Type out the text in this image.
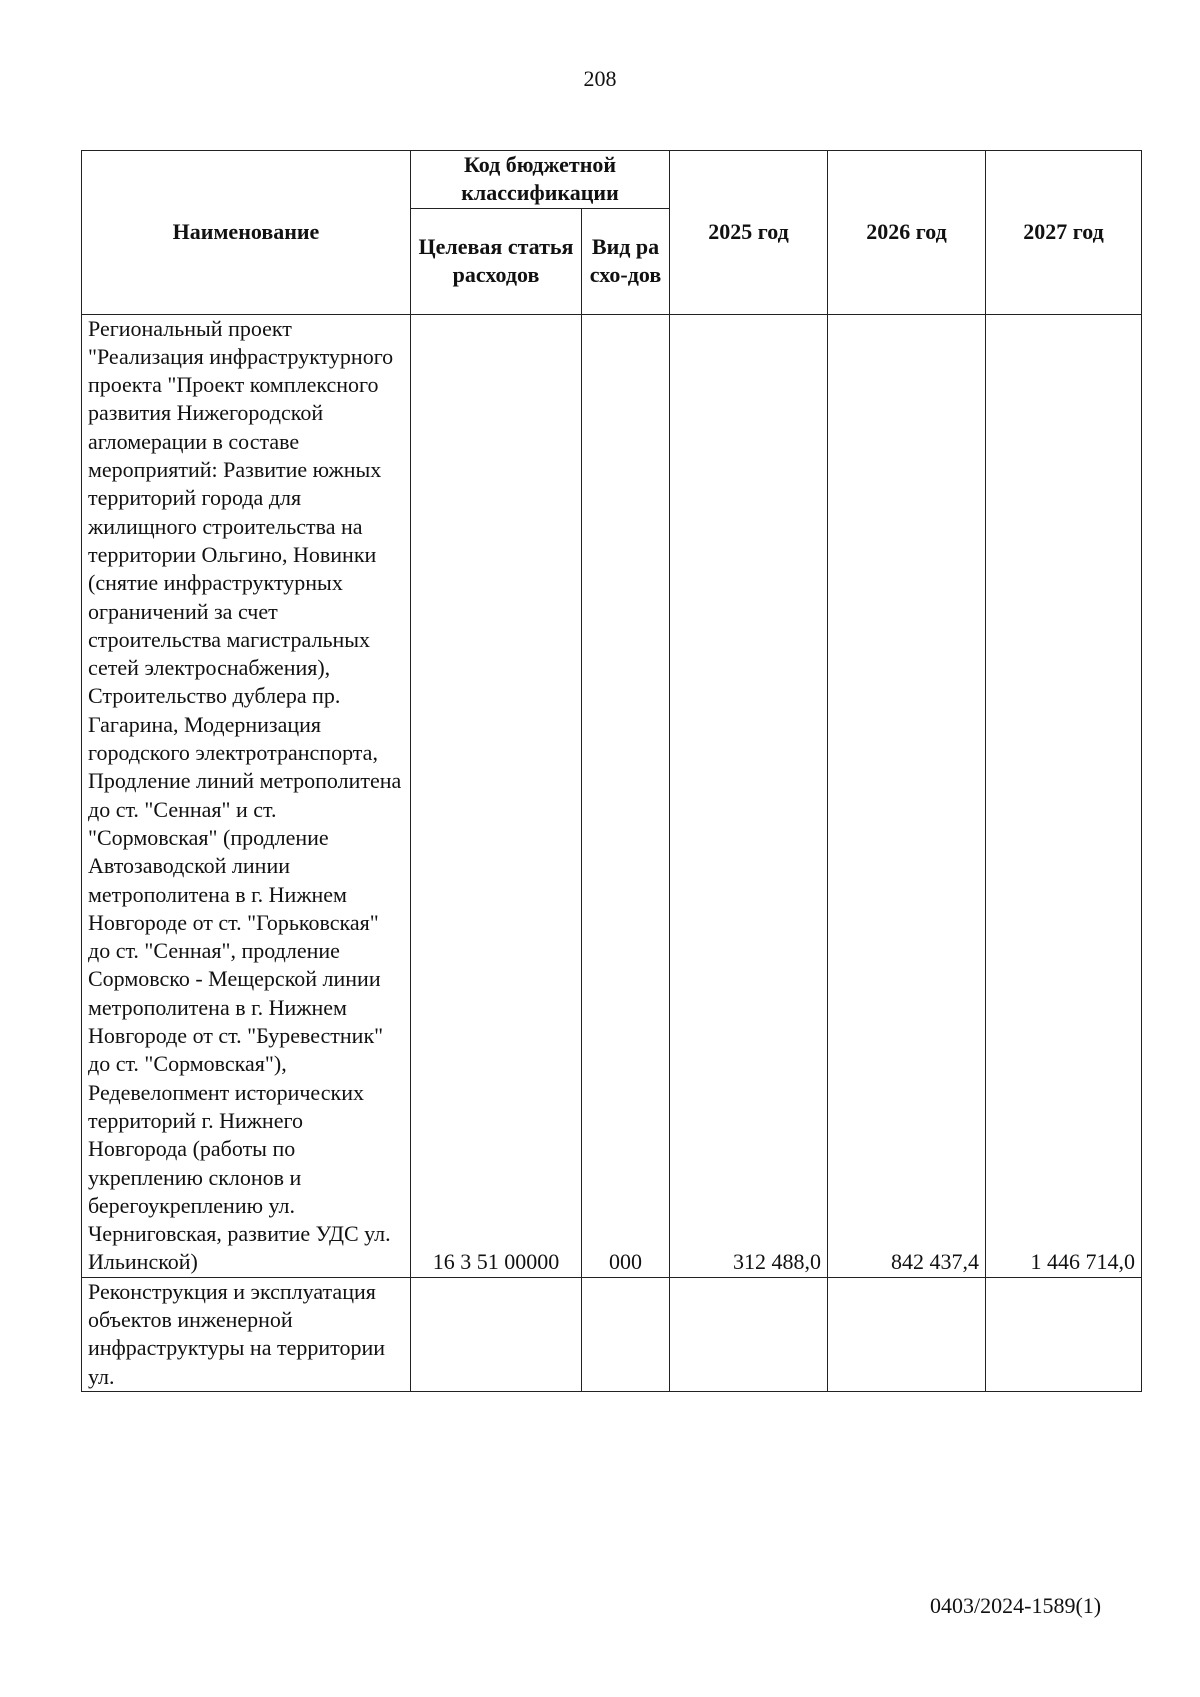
208
Наименование	Код бюджетной классификации		2025 год	2026 год	2027 год
	Целевая статья расходов	Вид расхо-дов			
Региональный проект "Реализация инфраструктурного проекта "Проект комплексного развития Нижегородской агломерации в составе мероприятий: Развитие южных территорий города для жилищного строительства на территории Ольгино, Новинки (снятие инфраструктурных ограничений за счет строительства магистральных сетей электроснабжения), Строительство дублера пр. Гагарина, Модернизация городского электротранспорта, Продление линий метрополитена до ст. "Сенная" и ст. "Сормовская" (продление Автозаводской линии метрополитена в г. Нижнем Новгороде от ст. "Горьковская" до ст. "Сенная", продление Сормовско - Мещерской линии метрополитена в г. Нижнем Новгороде от ст. "Буревестник" до ст. "Сормовская"), Редевелопмент исторических территорий г. Нижнего Новгорода (работы по укреплению склонов и берегоукреплению ул. Черниговская, развитие УДС ул. Ильинской)	16 3 51 00000	000	312 488,0	842 437,4	1 446 714,0
Реконструкция и эксплуатация объектов инженерной инфраструктуры на территории ул.					
0403/2024-1589(1)
